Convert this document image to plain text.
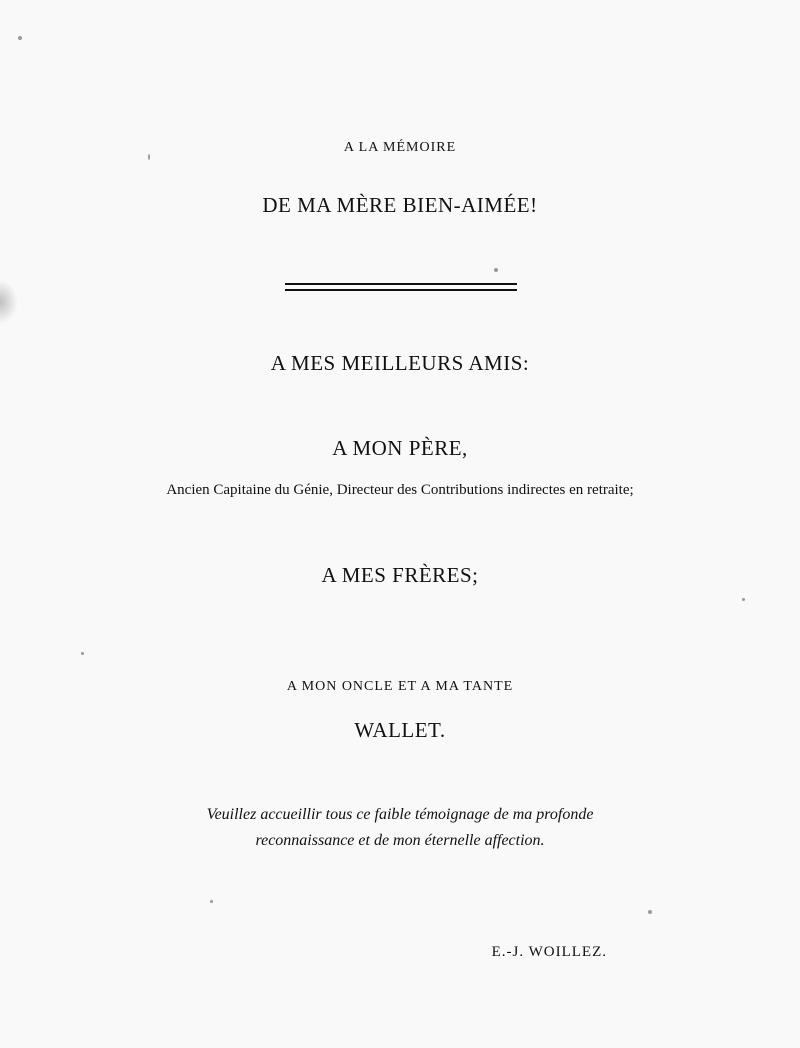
A LA MÉMOIRE
DE MA MÈRE BIEN-AIMÉE!
A MES MEILLEURS AMIS:
A MON PÈRE,
Ancien Capitaine du Génie, Directeur des Contributions indirectes en retraite;
A MES FRÈRES;
A MON ONCLE ET A MA TANTE
WALLET.
Veuillez accueillir tous ce faible témoignage de ma profonde
reconnaissance et de mon éternelle affection.
E.-J. WOILLEZ.
